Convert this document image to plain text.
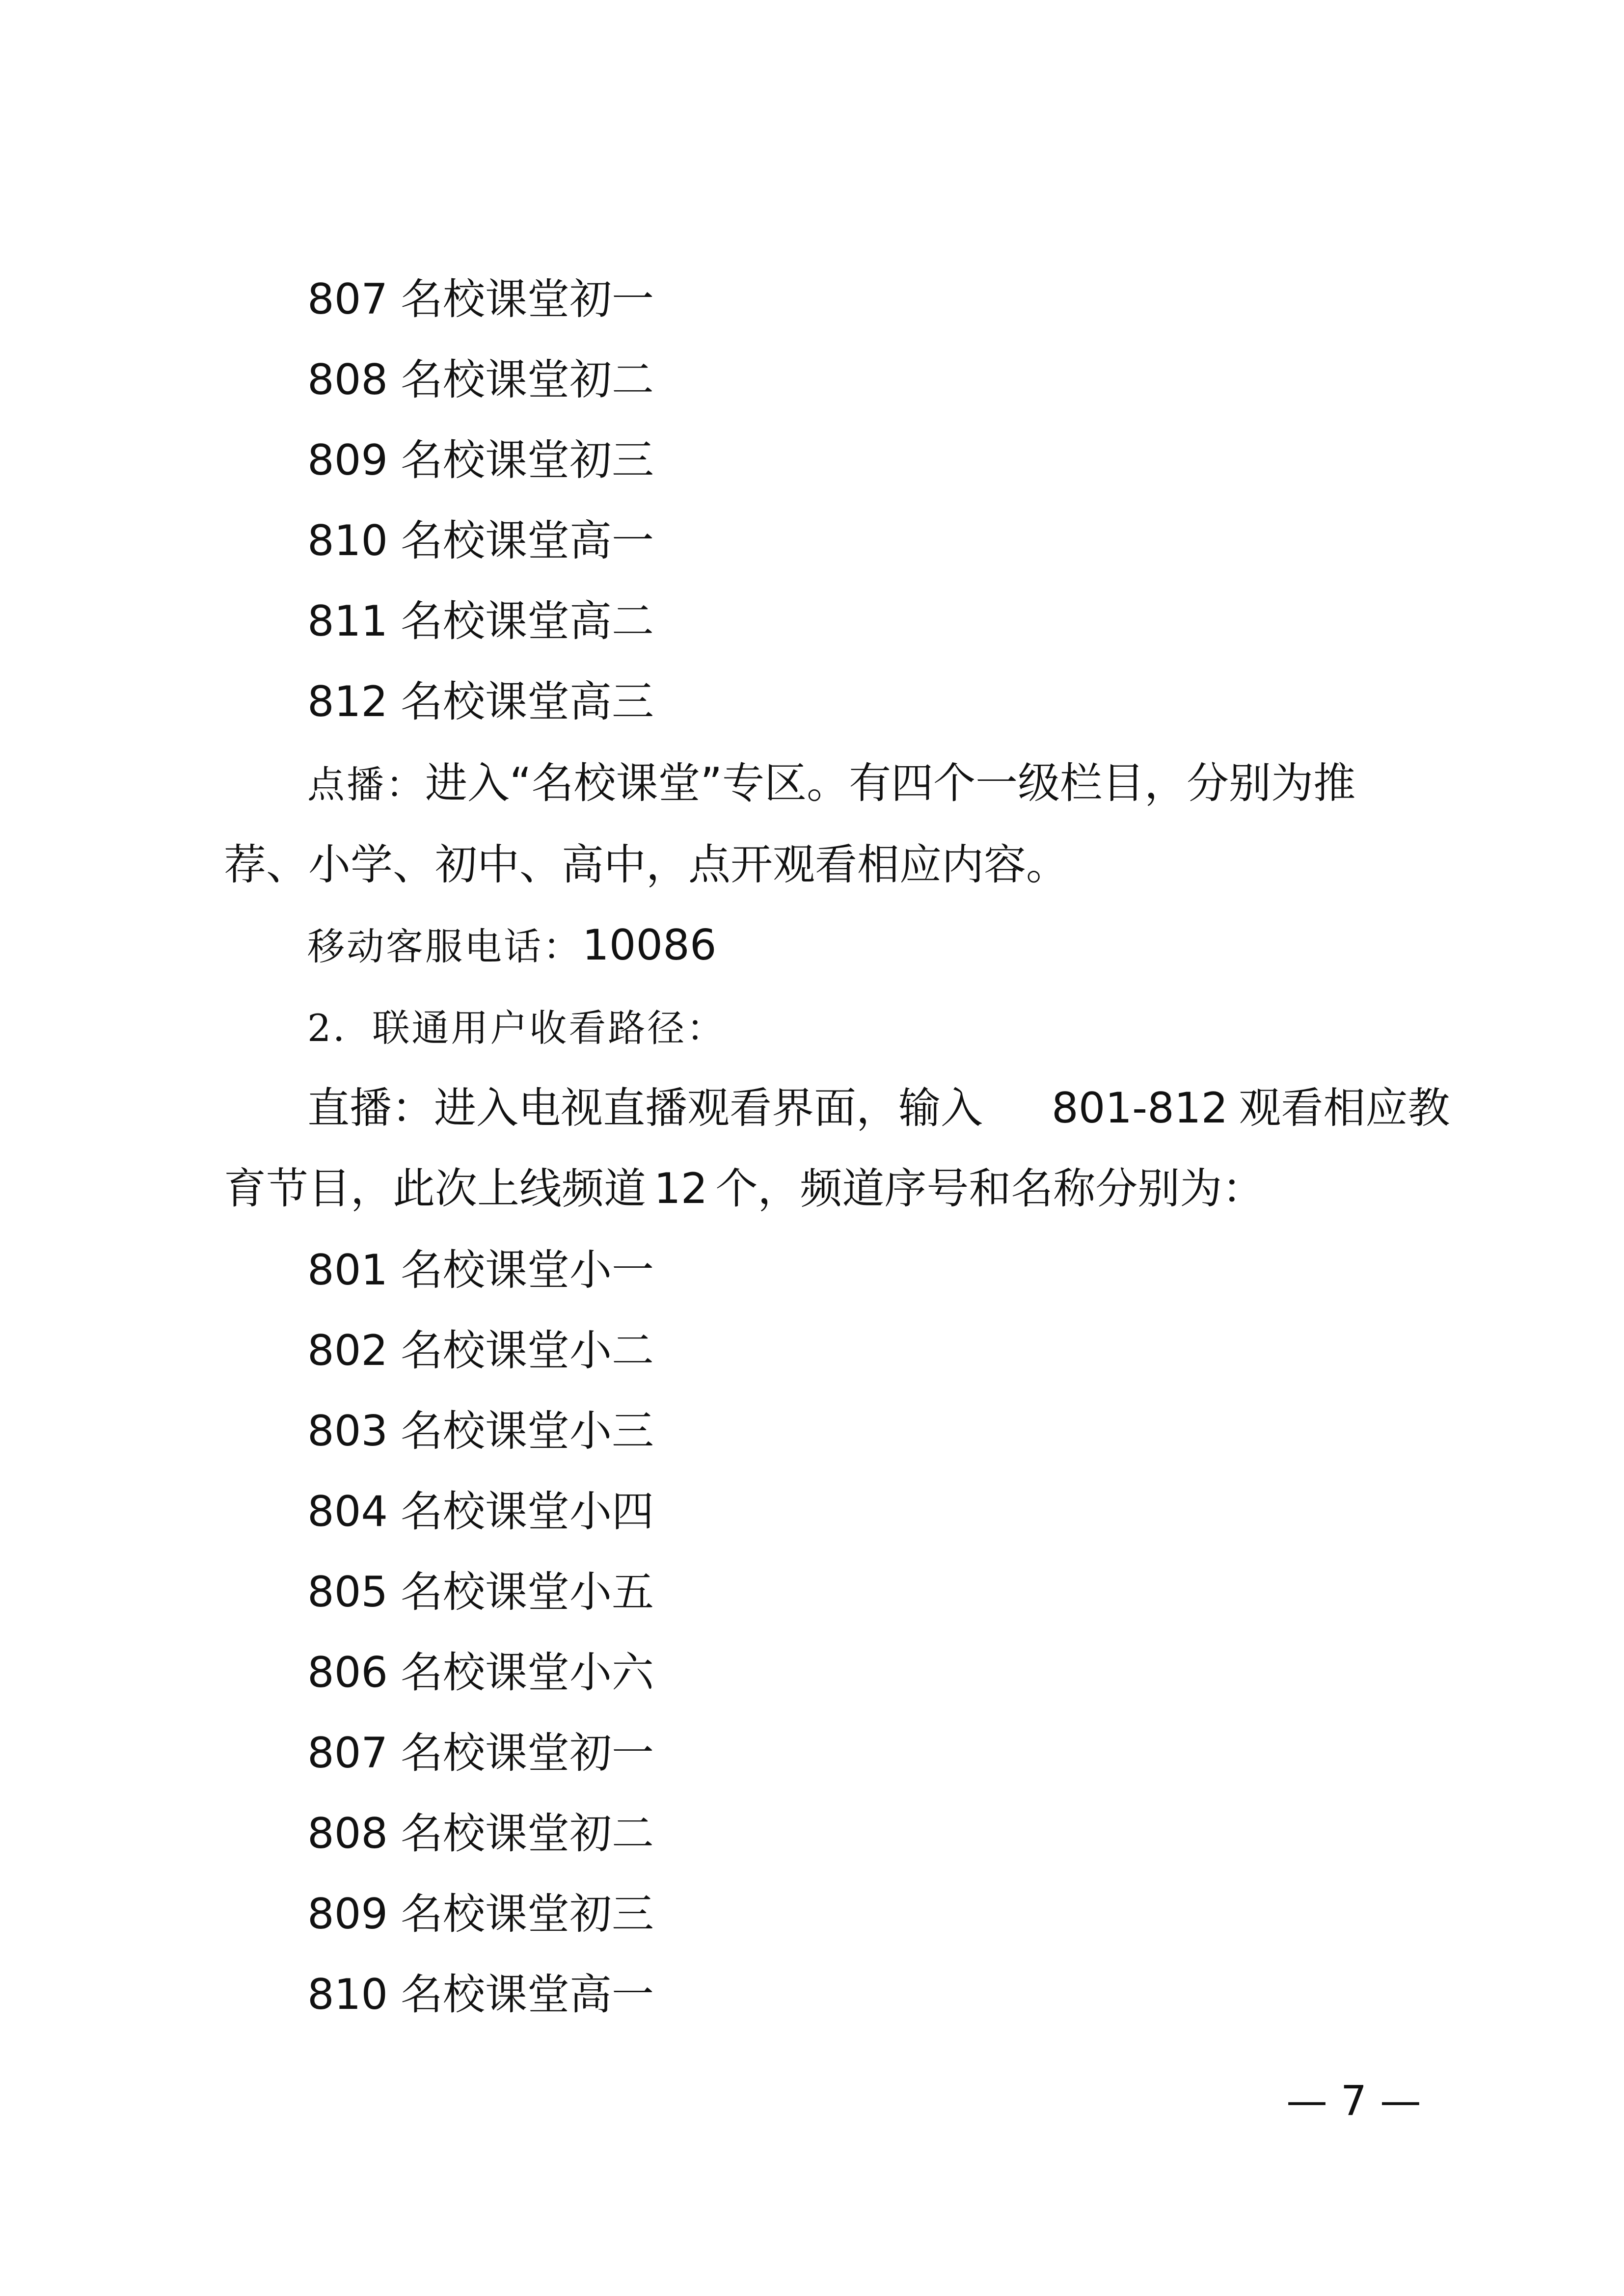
807 名校课堂初一
808 名校课堂初二
809 名校课堂初三
810 名校课堂高一
811 名校课堂高二
812 名校课堂高三
点播：进入“名校课堂”专区。有四个一级栏目，分别为推
荐、小学、初中、高中，点开观看相应内容。
移动客服电话：10086
2．联通用户收看路径：
直播：进入电视直播观看界面，输入 801-812 观看相应教
育节目，此次上线频道 12 个，频道序号和名称分别为：
801 名校课堂小一
802 名校课堂小二
803 名校课堂小三
804 名校课堂小四
805 名校课堂小五
806 名校课堂小六
807 名校课堂初一
808 名校课堂初二
809 名校课堂初三
810 名校课堂高一
— 7 —
